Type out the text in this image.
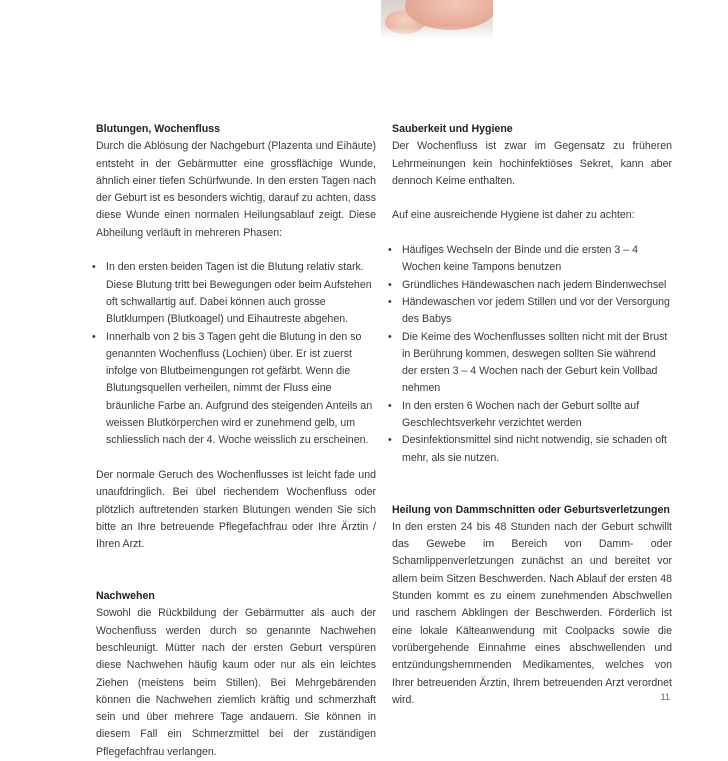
Blutungen, Wochenfluss
Durch die Ablösung der Nachgeburt (Plazenta und Eihäute) entsteht in der Gebärmutter eine grossflächige Wunde, ähnlich einer tiefen Schürfwunde. In den ersten Tagen nach der Geburt ist es besonders wichtig, darauf zu achten, dass diese Wunde einen normalen Heilungsablauf zeigt. Diese Abheilung verläuft in mehreren Phasen:
• In den ersten beiden Tagen ist die Blutung relativ stark. Diese Blutung tritt bei Bewegungen oder beim Aufstehen oft schwallartig auf. Dabei können auch grosse Blutklumpen (Blutkoagel) und Eihautreste abgehen.
• Innerhalb von 2 bis 3 Tagen geht die Blutung in den so genannten Wochenfluss (Lochien) über. Er ist zuerst infolge von Blutbeimengungen rot gefärbt. Wenn die Blutungsquellen verheilen, nimmt der Fluss eine bräunliche Farbe an. Aufgrund des steigenden Anteils an weissen Blutkörperchen wird er zunehmend gelb, um schliesslich nach der 4. Woche weisslich zu erscheinen.
Der normale Geruch des Wochenflusses ist leicht fade und unaufdringlich. Bei übel riechendem Wochenfluss oder plötzlich auftretenden starken Blutungen wenden Sie sich bitte an Ihre betreuende Pflegefachfrau oder Ihre Ärztin / Ihren Arzt.
Nachwehen
Sowohl die Rückbildung der Gebärmutter als auch der Wochenfluss werden durch so genannte Nachwehen beschleunigt. Mütter nach der ersten Geburt verspüren diese Nachwehen häufig kaum oder nur als ein leichtes Ziehen (meistens beim Stillen). Bei Mehrgebärenden können die Nachwehen ziemlich kräftig und schmerzhaft sein und über mehrere Tage andauern. Sie können in diesem Fall ein Schmerzmittel bei der zuständigen Pflegefachfrau verlangen.
Sauberkeit und Hygiene
Der Wochenfluss ist zwar im Gegensatz zu früheren Lehrmeinungen kein hochinfektiöses Sekret, kann aber dennoch Keime enthalten.
Auf eine ausreichende Hygiene ist daher zu achten:
• Häufiges Wechseln der Binde und die ersten 3 – 4 Wochen keine Tampons benutzen
• Gründliches Händewaschen nach jedem Bindenwechsel
• Händewaschen vor jedem Stillen und vor der Versorgung des Babys
• Die Keime des Wochenflusses sollten nicht mit der Brust in Berührung kommen, deswegen sollten Sie während der ersten 3 – 4 Wochen nach der Geburt kein Vollbad nehmen
• In den ersten 6 Wochen nach der Geburt sollte auf Geschlechtsverkehr verzichtet werden
• Desinfektionsmittel sind nicht notwendig, sie schaden oft mehr, als sie nutzen.
Heilung von Dammschnitten oder Geburtsverletzungen
In den ersten 24 bis 48 Stunden nach der Geburt schwillt das Gewebe im Bereich von Damm- oder Schamlippenverletzungen zunächst an und bereitet vor allem beim Sitzen Beschwerden. Nach Ablauf der ersten 48 Stunden kommt es zu einem zunehmenden Abschwellen und raschem Abklingen der Beschwerden. Förderlich ist eine lokale Kälteanwendung mit Coolpacks sowie die vorübergehende Einnahme eines abschwellenden und entzündungshemmenden Medikamentes, welches von Ihrer betreuenden Ärztin, Ihrem betreuenden Arzt verordnet wird.	11
